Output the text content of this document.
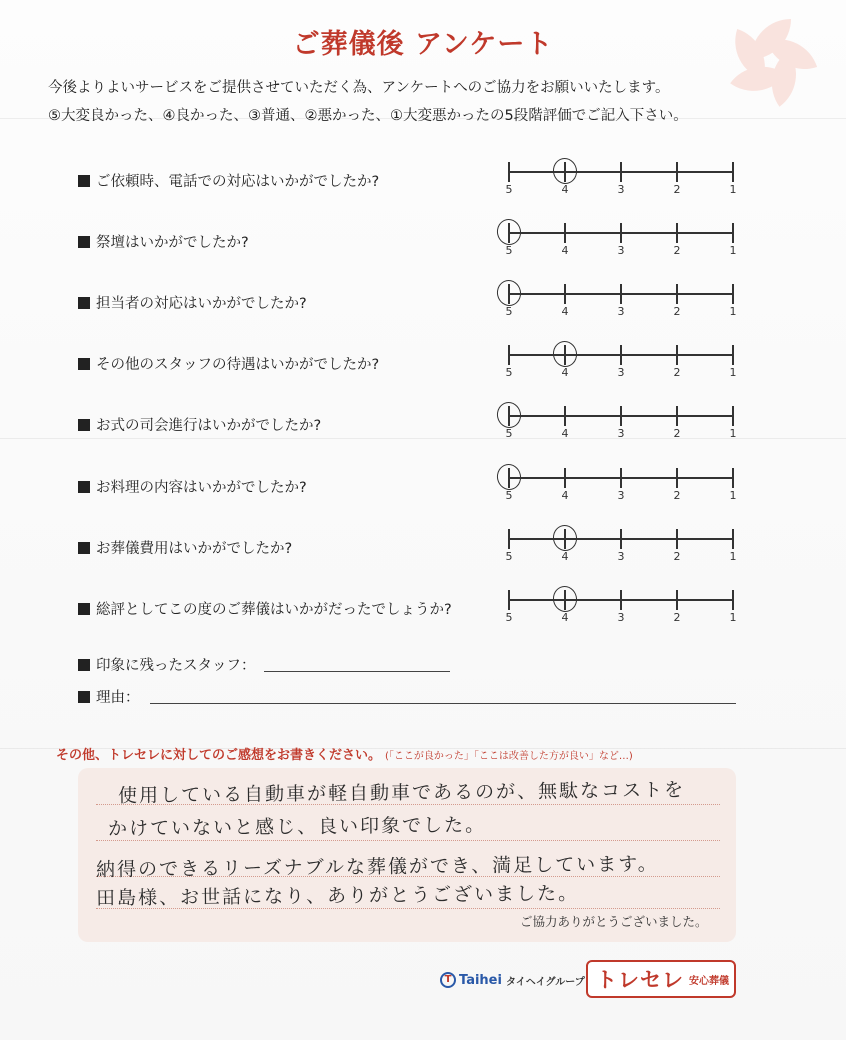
ご葬儀後 アンケート
今後よりよいサービスをご提供させていただく為、アンケートへのご協力をお願いいたします。
⑤大変良かった、④良かった、③普通、②悪かった、①大変悪かったの5段階評価でご記入下さい。
ご依頼時、電話での対応はいかがでしたか?	5	4	3	2	1
祭壇はいかがでしたか?	5	4	3	2	1
担当者の対応はいかがでしたか?	5	4	3	2	1
その他のスタッフの待遇はいかがでしたか?	5	4	3	2	1
お式の司会進行はいかがでしたか?	5	4	3	2	1
お料理の内容はいかがでしたか?	5	4	3	2	1
お葬儀費用はいかがでしたか?	5	4	3	2	1
総評としてこの度のご葬儀はいかがだったでしょうか?	5	4	3	2	1
印象に残ったスタッフ：
理由：
その他、トレセレに対してのご感想をお書きください。 (「ここが良かった」「ここは改善した方が良い」など…)
使用している自動車が軽自動車であるのが、無駄なコストを
かけていないと感じ、良い印象でした。
納得のできるリーズナブルな葬儀ができ、満足しています。
田島様、お世話になり、ありがとうございました。
ご協力ありがとうございました。
T Taihei タイヘイグループ トレセレ 安心葬儀
